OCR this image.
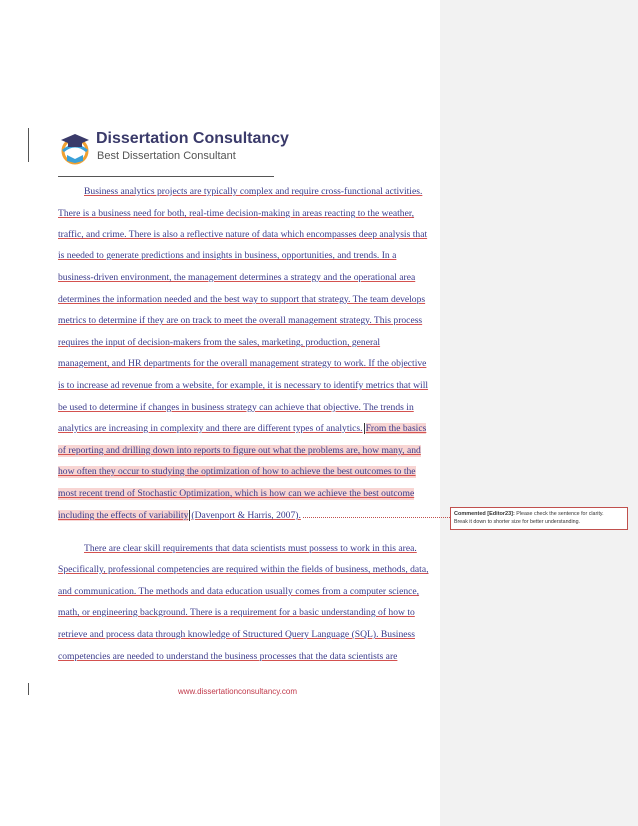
Dissertation Consultancy
Best Dissertation Consultant
Business analytics projects are typically complex and require cross-functional activities.
There is a business need for both, real-time decision-making in areas reacting to the weather,
traffic, and crime. There is also a reflective nature of data which encompasses deep analysis that
is needed to generate predictions and insights in business, opportunities, and trends. In a
business-driven environment, the management determines a strategy and the operational area
determines the information needed and the best way to support that strategy. The team develops
metrics to determine if they are on track to meet the overall management strategy. This process
requires the input of decision-makers from the sales, marketing, production, general
management, and HR departments for the overall management strategy to work. If the objective
is to increase ad revenue from a website, for example, it is necessary to identify metrics that will
be used to determine if changes in business strategy can achieve that objective. The trends in
analytics are increasing in complexity and there are different types of analytics. From the basics
of reporting and drilling down into reports to figure out what the problems are, how many, and
how often they occur to studying the optimization of how to achieve the best outcomes to the
most recent trend of Stochastic Optimization, which is how can we achieve the best outcome
including the effects of variability (Davenport & Harris, 2007).
There are clear skill requirements that data scientists must possess to work in this area.
Specifically, professional competencies are required within the fields of business, methods, data,
and communication. The methods and data education usually comes from a computer science,
math, or engineering background. There is a requirement for a basic understanding of how to
retrieve and process data through knowledge of Structured Query Language (SQL). Business
competencies are needed to understand the business processes that the data scientists are
Commented [Editor23]: Please check the sentence for clarity.
Break it down to shorter size for better understanding.
www.dissertationconsultancy.com
